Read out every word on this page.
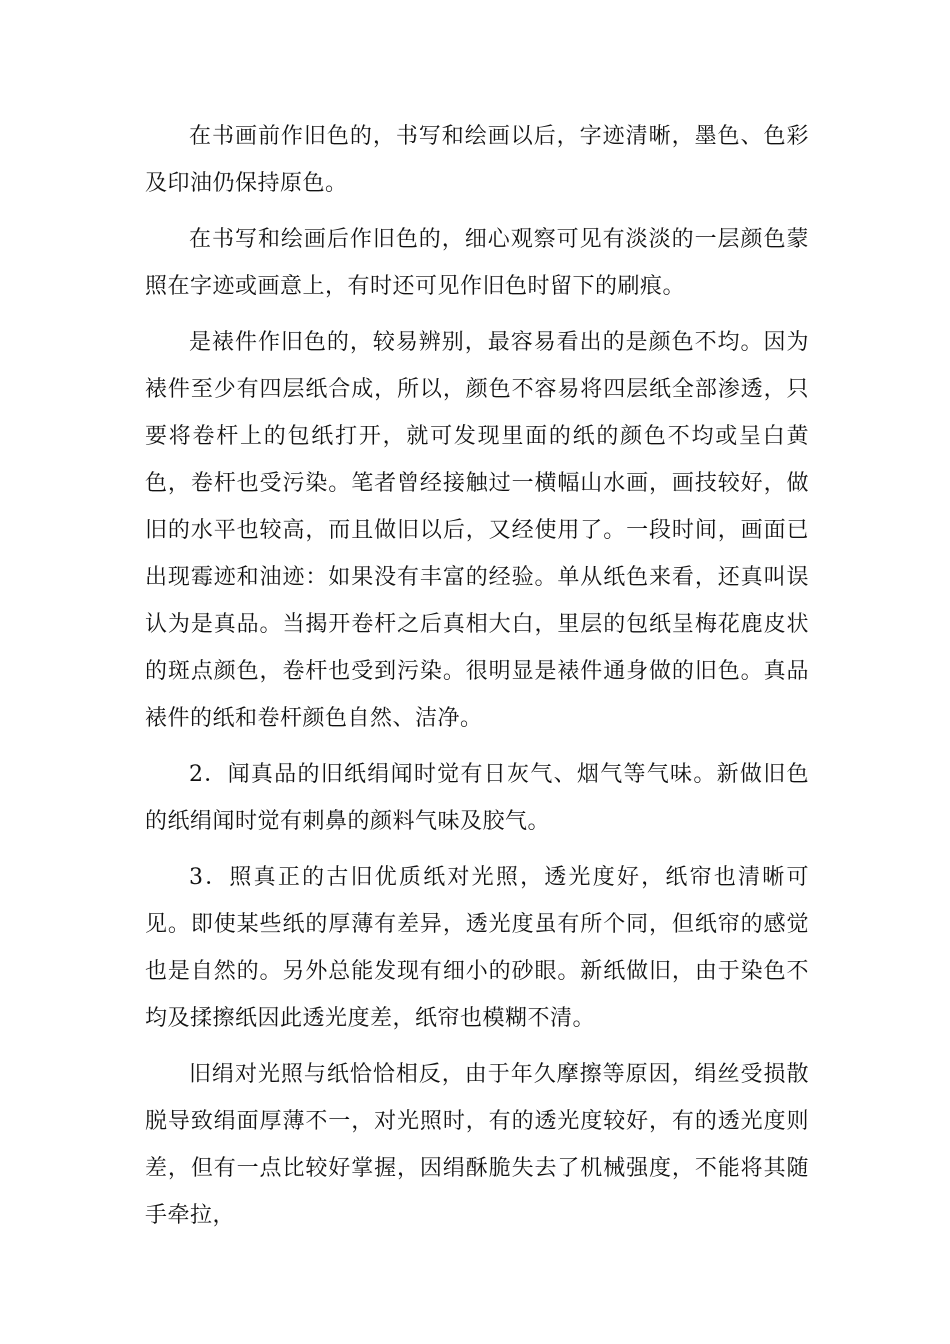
在书画前作旧色的，书写和绘画以后，字迹清晰，墨色、色彩及印油仍保持原色。

在书写和绘画后作旧色的，细心观察可见有淡淡的一层颜色蒙照在字迹或画意上，有时还可见作旧色时留下的刷痕。

是裱件作旧色的，较易辨别，最容易看出的是颜色不均。因为裱件至少有四层纸合成，所以，颜色不容易将四层纸全部渗透，只要将卷杆上的包纸打开，就可发现里面的纸的颜色不均或呈白黄色，卷杆也受污染。笔者曾经接触过一横幅山水画，画技较好，做旧的水平也较高，而且做旧以后，又经使用了。一段时间，画面已出现霉迹和油迹：如果没有丰富的经验。单从纸色来看，还真叫误认为是真品。当揭开卷杆之后真相大白，里层的包纸呈梅花鹿皮状的斑点颜色，卷杆也受到污染。很明显是裱件通身做的旧色。真品裱件的纸和卷杆颜色自然、洁净。

2．闻真品的旧纸绢闻时觉有日灰气、烟气等气味。新做旧色的纸绢闻时觉有刺鼻的颜料气味及胶气。

3．照真正的古旧优质纸对光照，透光度好，纸帘也清晰可见。即使某些纸的厚薄有差异，透光度虽有所个同，但纸帘的感觉也是自然的。另外总能发现有细小的砂眼。新纸做旧，由于染色不均及揉擦纸因此透光度差，纸帘也模糊不清。

旧绢对光照与纸恰恰相反，由于年久摩擦等原因，绢丝受损散脱导致绢面厚薄不一，对光照时，有的透光度较好，有的透光度则差，但有一点比较好掌握，因绢酥脆失去了机械强度，不能将其随手牵拉，
